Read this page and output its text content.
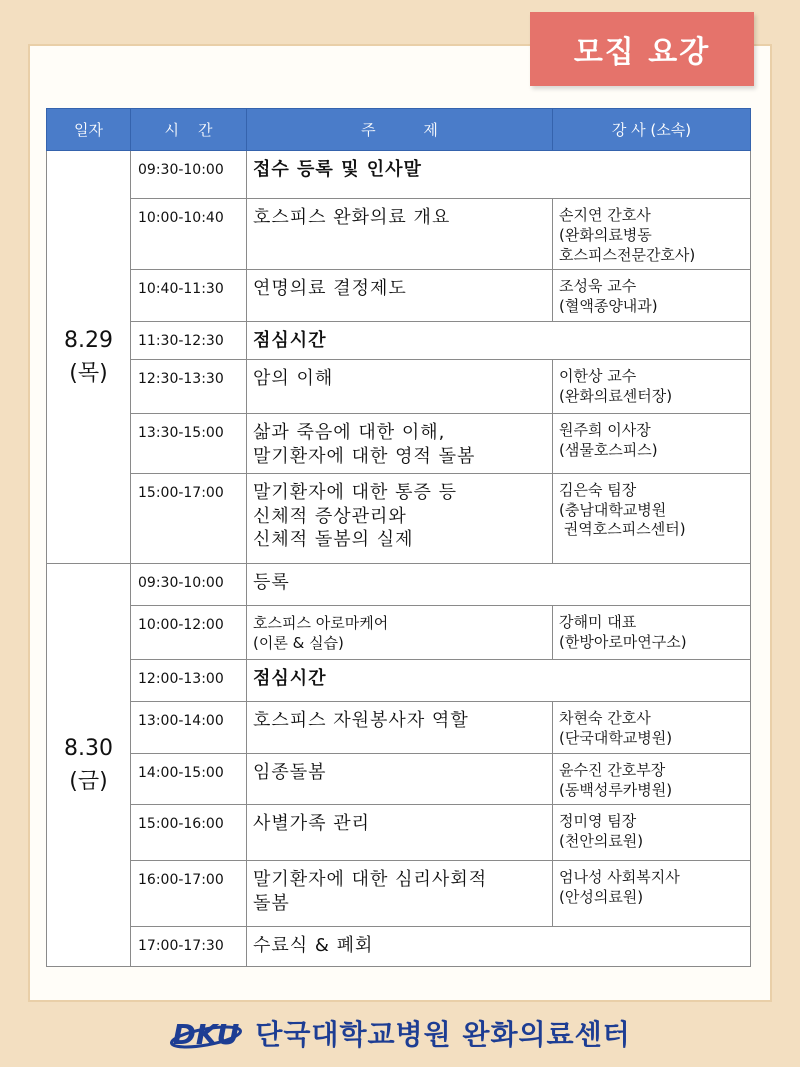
모집 요강
일자	시    간	주          제	강 사 (소속)

8.29
(목)	09:30-10:00	접수 등록 및 인사말	

	10:00-10:40	호스피스 완화의료 개요	손지연 간호사
(완화의료병동
호스피스전문간호사)

	10:40-11:30	연명의료 결정제도	조성욱 교수
(혈액종양내과)

	11:30-12:30	점심시간	

	12:30-13:30	암의 이해	이한상 교수
(완화의료센터장)

	13:30-15:00	삶과 죽음에 대한 이해,
말기환자에 대한 영적 돌봄	원주희 이사장
(샘물호스피스)

	15:00-17:00	말기환자에 대한 통증 등
신체적 증상관리와
신체적 돌봄의 실제	김은숙 팀장
(충남대학교병원
권역호스피스센터)

8.30
(금)	09:30-10:00	등록	

	10:00-12:00	호스피스 아로마케어
(이론 & 실습)	강해미 대표
(한방아로마연구소)

	12:00-13:00	점심시간	

	13:00-14:00	호스피스 자원봉사자 역할	차현숙 간호사
(단국대학교병원)

	14:00-15:00	임종돌봄	윤수진 간호부장
(동백성루카병원)

	15:00-16:00	사별가족 관리	정미영 팀장
(천안의료원)

	16:00-17:00	말기환자에 대한 심리사회적
돌봄	엄나성 사회복지사
(안성의료원)

	17:00-17:30	수료식 & 폐회	
DKU 단국대학교병원 완화의료센터
